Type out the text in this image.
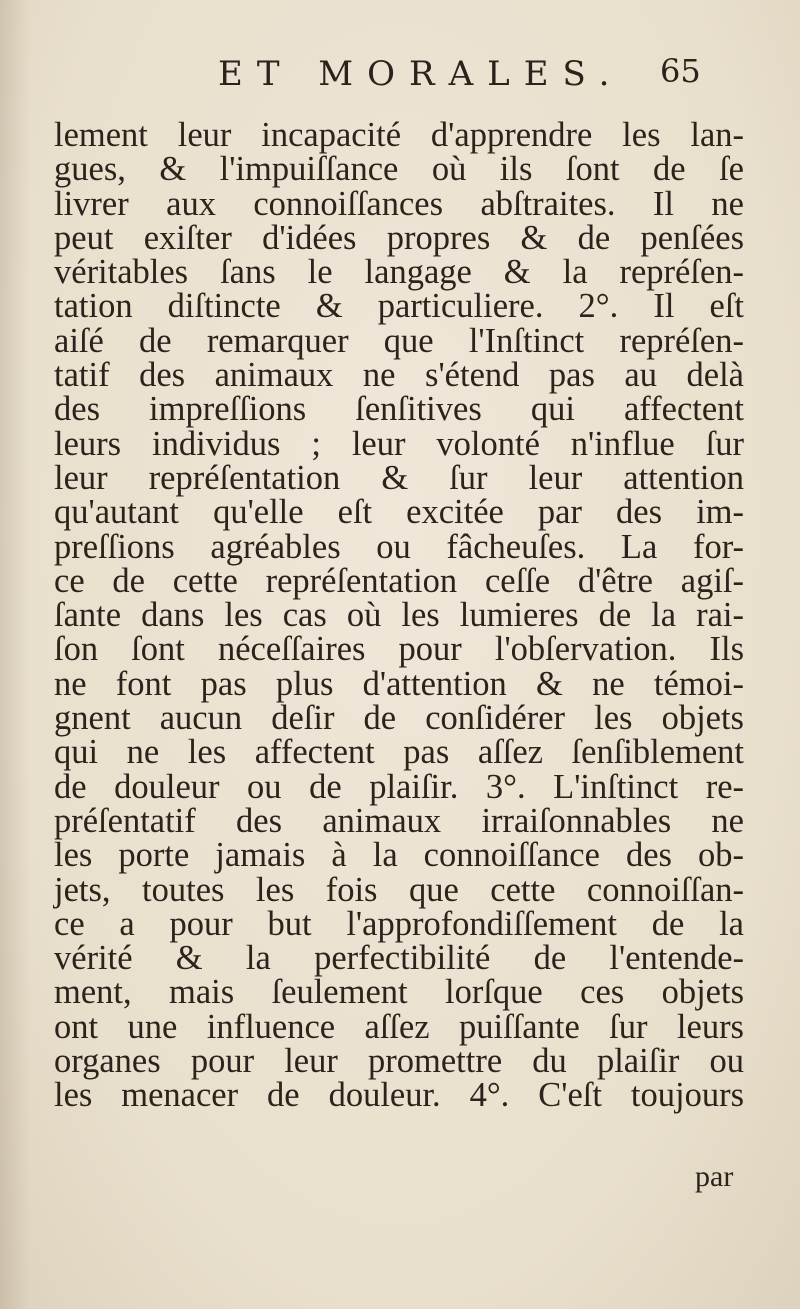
ET MORALES. 65
lement leur incapacité d'apprendre les lan-
gues, & l'impuiſſance où ils ſont de ſe
livrer aux connoiſſances abſtraites. Il ne
peut exiſter d'idées propres & de penſées
véritables ſans le langage & la repréſen-
tation diſtincte & particuliere. 2°. Il eſt
aiſé de remarquer que l'Inſtinct repréſen-
tatif des animaux ne s'étend pas au delà
des impreſſions ſenſitives qui affectent
leurs individus ; leur volonté n'influe ſur
leur repréſentation & ſur leur attention
qu'autant qu'elle eſt excitée par des im-
preſſions agréables ou fâcheuſes. La for-
ce de cette repréſentation ceſſe d'être agiſ-
ſante dans les cas où les lumieres de la rai-
ſon ſont néceſſaires pour l'obſervation. Ils
ne font pas plus d'attention & ne témoi-
gnent aucun deſir de conſidérer les objets
qui ne les affectent pas aſſez ſenſiblement
de douleur ou de plaiſir. 3°. L'inſtinct re-
préſentatif des animaux irraiſonnables ne
les porte jamais à la connoiſſance des ob-
jets, toutes les fois que cette connoiſſan-
ce a pour but l'approfondiſſement de la
vérité & la perfectibilité de l'entende-
ment, mais ſeulement lorſque ces objets
ont une influence aſſez puiſſante ſur leurs
organes pour leur promettre du plaiſir ou
les menacer de douleur. 4°. C'eſt toujours
par
